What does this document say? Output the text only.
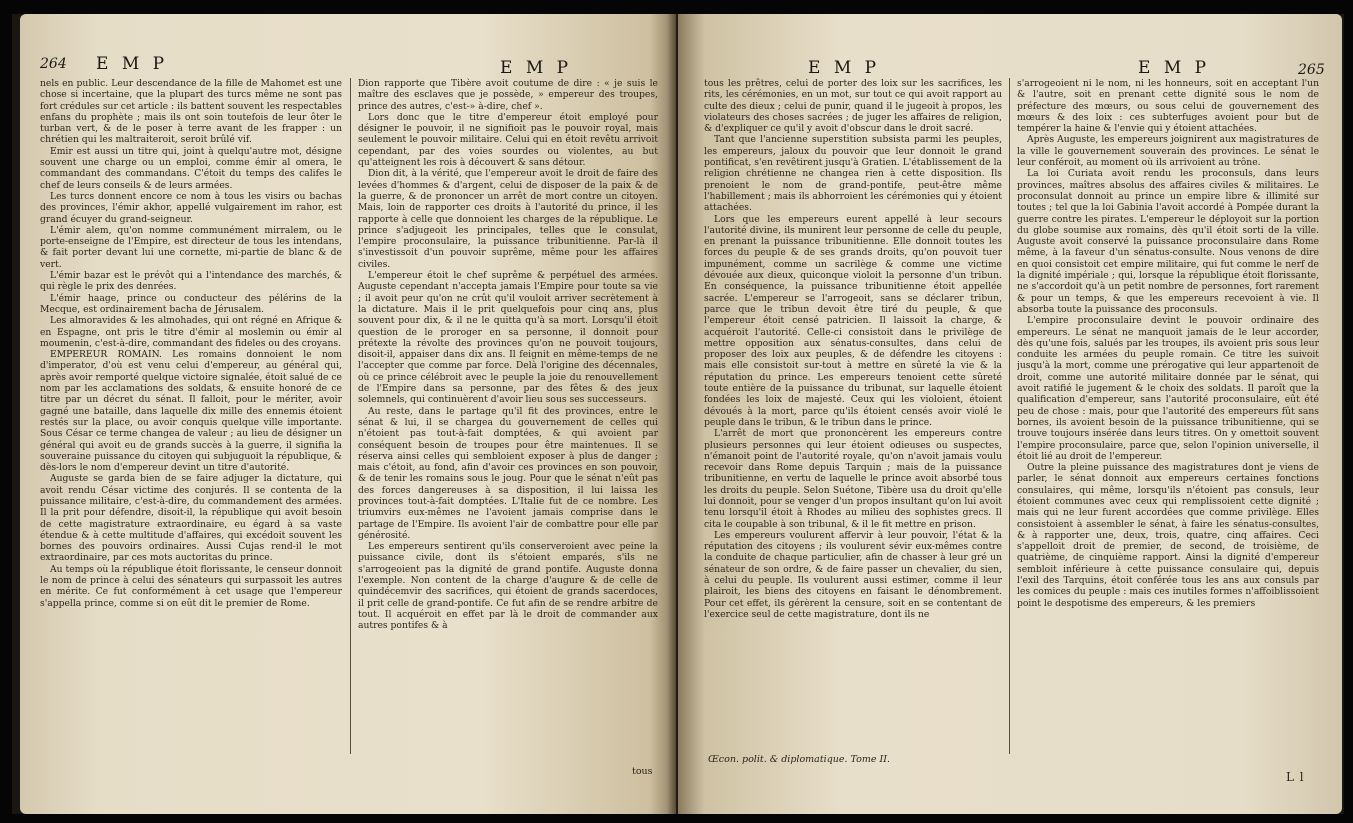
264 E M P	E M P

nels en public. Leur descendance de la fille de Mahomet est une chose si incertaine, que la plupart des turcs même ne sont pas fort crédules sur cet article : ils battent souvent les respectables enfans du prophète ; mais ils ont soin toutefois de leur ôter le turban vert, & de le poser à terre avant de les frapper : un chrétien qui les maltraiteroit, seroit brûlé vif.

Emir est aussi un titre qui, joint à quelqu'autre mot, désigne souvent une charge ou un emploi, comme émir al omera, le commandant des commandans. C'étoit du temps des califes le chef de leurs conseils & de leurs armées.

Les turcs donnent encore ce nom à tous les visirs ou bachas des provinces, l'émir akhor, appellé vulgairement im rahor, est grand écuyer du grand-seigneur.

L'émir alem, qu'on nomme communément mirralem, ou le porte-enseigne de l'Empire, est directeur de tous les intendans, & fait porter devant lui une cornette, mi-partie de blanc & de vert.

L'émir bazar est le prévôt qui a l'intendance des marchés, & qui règle le prix des denrées.

L'émir haage, prince ou conducteur des pélérins de la Mecque, est ordinairement bacha de Jérusalem.

Les almoravides & les almohades, qui ont régné en Afrique & en Espagne, ont pris le titre d'émir al moslemin ou émir al moumenin, c'est-à-dire, commandant des fideles ou des croyans.

EMPEREUR ROMAIN. Les romains donnoient le nom d'imperator, d'où est venu celui d'empereur, au général qui, après avoir remporté quelque victoire signalée, étoit salué de ce nom par les acclamations des soldats, & ensuite honoré de ce titre par un décret du sénat. Il falloit, pour le mériter, avoir gagné une bataille, dans laquelle dix mille des ennemis étoient restés sur la place, ou avoir conquis quelque ville importante. Sous César ce terme changea de valeur ; au lieu de désigner un général qui avoit eu de grands succès à la guerre, il signifia la souveraine puissance du citoyen qui subjuguoit la république, & dès-lors le nom d'empereur devint un titre d'autorité.

Auguste se garda bien de se faire adjuger la dictature, qui avoit rendu César victime des conjurés. Il se contenta de la puissance militaire, c'est-à-dire, du commandement des armées. Il la prit pour défendre, disoit-il, la république qui avoit besoin de cette magistrature extraordinaire, eu égard à sa vaste étendue & à cette multitude d'affaires, qui excédoit souvent les bornes des pouvoirs ordinaires. Aussi Cujas rend-il le mot extraordinaire, par ces mots auctoritas du prince.

Au temps où la république étoit florissante, le censeur donnoit le nom de prince à celui des sénateurs qui surpassoit les autres en mérite. Ce fut conformément à cet usage que l'empereur s'appella prince, comme si on eût dit le premier de Rome.

Dion rapporte que Tibère avoit coutume de dire : « je suis le maître des esclaves que je possède, » empereur des troupes, prince des autres, c'est-» à-dire, chef ».

Lors donc que le titre d'empereur étoit employé pour désigner le pouvoir, il ne signifioit pas le pouvoir royal, mais seulement le pouvoir militaire. Celui qui en étoit revêtu arrivoit cependant, par des voies sourdes ou violentes, au but qu'atteignent les rois à découvert & sans détour.

Dion dit, à la vérité, que l'empereur avoit le droit de faire des levées d'hommes & d'argent, celui de disposer de la paix & de la guerre, & de prononcer un arrêt de mort contre un citoyen. Mais, loin de rapporter ces droits à l'autorité du prince, il les rapporte à celle que donnoient les charges de la république. Le prince s'adjugeoit les principales, telles que le consulat, l'empire proconsulaire, la puissance tribunitienne. Par-là il s'investissoit d'un pouvoir suprême, même pour les affaires civiles.

L'empereur étoit le chef suprême & perpétuel des armées. Auguste cependant n'accepta jamais l'Empire pour toute sa vie ; il avoit peur qu'on ne crût qu'il vouloit arriver secrètement à la dictature. Mais il le prit quelquefois pour cinq ans, plus souvent pour dix, & il ne le quitta qu'à sa mort. Lorsqu'il étoit question de le proroger en sa personne, il donnoit pour prétexte la révolte des provinces qu'on ne pouvoit toujours, disoit-il, appaiser dans dix ans. Il feignit en même-temps de ne l'accepter que comme par force. Delà l'origine des décennales, où ce prince célébroit avec le peuple la joie du renouvellement de l'Empire dans sa personne, par des fêtes & des jeux solemnels, qui continuèrent d'avoir lieu sous ses successeurs.

Au reste, dans le partage qu'il fit des provinces, entre le sénat & lui, il se chargea du gouvernement de celles qui n'étoient pas tout-à-fait domptées, & qui avoient par conséquent besoin de troupes pour être maintenues. Il se réserva ainsi celles qui sembloient exposer à plus de danger ; mais c'étoit, au fond, afin d'avoir ces provinces en son pouvoir, & de tenir les romains sous le joug. Pour que le sénat n'eût pas des forces dangereuses à sa disposition, il lui laissa les provinces tout-à-fait domptées. L'Italie fut de ce nombre. Les triumvirs eux-mêmes ne l'avoient jamais comprise dans le partage de l'Empire. Ils avoient l'air de combattre pour elle par générosité.

Les empereurs sentirent qu'ils conserveroient avec peine la puissance civile, dont ils s'étoient emparés, s'ils ne s'arrogeoient pas la dignité de grand pontife. Auguste donna l'exemple. Non content de la charge d'augure & de celle de quindécemvir des sacrifices, qui étoient de grands sacerdoces, il prit celle de grand-pontife. Ce fut afin de se rendre arbitre de tout. Il acquéroit en effet par là le droit de commander aux autres pontifes & à

tous
E M P	E M P	265

tous les prêtres, celui de porter des loix sur les sacrifices, les rits, les cérémonies, en un mot, sur tout ce qui avoit rapport au culte des dieux ; celui de punir, quand il le jugeoit à propos, les violateurs des choses sacrées ; de juger les affaires de religion, & d'expliquer ce qu'il y avoit d'obscur dans le droit sacré.

Tant que l'ancienne superstition subsista parmi les peuples, les empereurs, jaloux du pouvoir que leur donnoit le grand pontificat, s'en revêtirent jusqu'à Gratien. L'établissement de la religion chrétienne ne changea rien à cette disposition. Ils prenoient le nom de grand-pontife, peut-être même l'habillement ; mais ils abhorroient les cérémonies qui y étoient attachées.

Lors que les empereurs eurent appellé à leur secours l'autorité divine, ils munirent leur personne de celle du peuple, en prenant la puissance tribunitienne. Elle donnoit toutes les forces du peuple & de ses grands droits, qu'on pouvoit tuer impunément, comme un sacrilège & comme une victime dévouée aux dieux, quiconque violoit la personne d'un tribun. En conséquence, la puissance tribunitienne étoit appellée sacrée. L'empereur se l'arrogeoit, sans se déclarer tribun, parce que le tribun devoit être tiré du peuple, & que l'empereur étoit censé patricien. Il laissoit la charge, & acquéroit l'autorité. Celle-ci consistoit dans le privilège de mettre opposition aux sénatus-consultes, dans celui de proposer des loix aux peuples, & de défendre les citoyens : mais elle consistoit sur-tout à mettre en sûreté la vie & la réputation du prince. Les empereurs tenoient cette sûreté toute entière de la puissance du tribunat, sur laquelle étoient fondées les loix de majesté. Ceux qui les violoient, étoient dévoués à la mort, parce qu'ils étoient censés avoir violé le peuple dans le tribun, & le tribun dans le prince.

L'arrêt de mort que prononcèrent les empereurs contre plusieurs personnes qui leur étoient odieuses ou suspectes, n'émanoit point de l'autorité royale, qu'on n'avoit jamais voulu recevoir dans Rome depuis Tarquin ; mais de la puissance tribunitienne, en vertu de laquelle le prince avoit absorbé tous les droits du peuple. Selon Suétone, Tibère usa du droit qu'elle lui donnoit, pour se venger d'un propos insultant qu'on lui avoit tenu lorsqu'il étoit à Rhodes au milieu des sophistes grecs. Il cita le coupable à son tribunal, & il le fit mettre en prison.

Les empereurs voulurent affervir à leur pouvoir, l'état & la réputation des citoyens ; ils voulurent sévir eux-mêmes contre la conduite de chaque particulier, afin de chasser à leur gré un sénateur de son ordre, & de faire passer un chevalier, du sien, à celui du peuple. Ils voulurent aussi estimer, comme il leur plairoit, les biens des citoyens en faisant le dénombrement. Pour cet effet, ils gérèrent la censure, soit en se contentant de l'exercice seul de cette magistrature, dont ils ne

s'arrogeoient ni le nom, ni les honneurs, soit en acceptant l'un & l'autre, soit en prenant cette dignité sous le nom de préfecture des mœurs, ou sous celui de gouvernement des mœurs & des loix : ces subterfuges avoient pour but de tempérer la haine & l'envie qui y étoient attachées.

Après Auguste, les empereurs joignirent aux magistratures de la ville le gouvernement souverain des provinces. Le sénat le leur conféroit, au moment où ils arrivoient au trône.

La loi Curiata avoit rendu les proconsuls, dans leurs provinces, maîtres absolus des affaires civiles & militaires. Le proconsulat donnoit au prince un empire libre & illimité sur toutes ; tel que la loi Gabinia l'avoit accordé à Pompée durant la guerre contre les pirates. L'empereur le déployoit sur la portion du globe soumise aux romains, dès qu'il étoit sorti de la ville. Auguste avoit conservé la puissance proconsulaire dans Rome même, à la faveur d'un sénatus-consulte. Nous venons de dire en quoi consistoit cet empire militaire, qui fut comme le nerf de la dignité impériale ; qui, lorsque la république étoit florissante, ne s'accordoit qu'à un petit nombre de personnes, fort rarement & pour un temps, & que les empereurs recevoient à vie. Il absorba toute la puissance des proconsuls.

L'empire proconsulaire devint le pouvoir ordinaire des empereurs. Le sénat ne manquoit jamais de le leur accorder, dès qu'une fois, salués par les troupes, ils avoient pris sous leur conduite les armées du peuple romain. Ce titre les suivoit jusqu'à la mort, comme une prérogative qui leur appartenoit de droit, comme une autorité militaire donnée par le sénat, qui avoit ratifié le jugement & le choix des soldats. Il paroît que la qualification d'empereur, sans l'autorité proconsulaire, eût été peu de chose : mais, pour que l'autorité des empereurs fût sans bornes, ils avoient besoin de la puissance tribunitienne, qui se trouve toujours insérée dans leurs titres. On y omettoit souvent l'empire proconsulaire, parce que, selon l'opinion universelle, il étoit lié au droit de l'empereur.

Outre la pleine puissance des magistratures dont je viens de parler, le sénat donnoit aux empereurs certaines fonctions consulaires, qui même, lorsqu'ils n'étoient pas consuls, leur étoient communes avec ceux qui remplissoient cette dignité ; mais qui ne leur furent accordées que comme privilège. Elles consistoient à assembler le sénat, à faire les sénatus-consultes, & à rapporter une, deux, trois, quatre, cinq affaires. Ceci s'appelloit droit de premier, de second, de troisième, de quatrième, de cinquième rapport. Ainsi la dignité d'empereur sembloit inférieure à cette puissance consulaire qui, depuis l'exil des Tarquins, étoit conférée tous les ans aux consuls par les comices du peuple : mais ces inutiles formes n'affoiblissoient point le despotisme des empereurs, & les premiers

Œcon. polit. & diplomatique. Tome II.
L l
